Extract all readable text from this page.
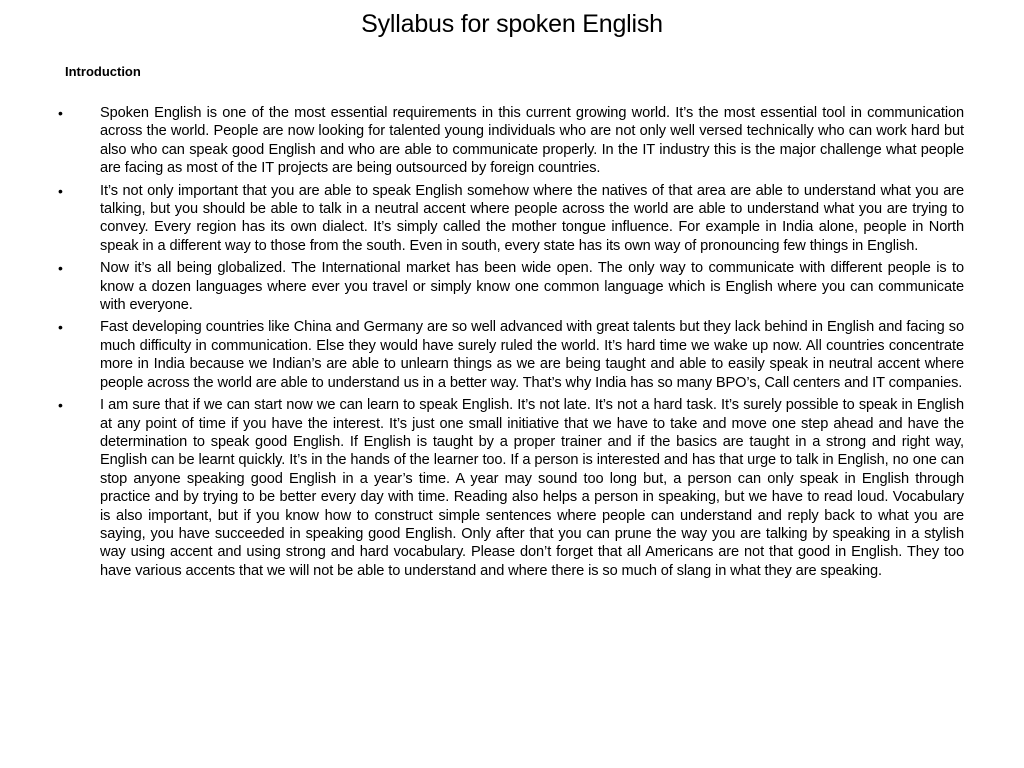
Syllabus for spoken English
Introduction
•	Spoken English is one of the most essential requirements in this current growing world. It’s the most essential tool in communication across the world. People are now looking for talented young individuals who are not only well versed technically who can work hard but also who can speak good English and who are able to communicate properly. In the IT industry this is the major challenge what people are facing as most of the IT projects are being outsourced by foreign countries.
•	It’s not only important that you are able to speak English somehow where the natives of that area are able to understand what you are talking, but you should be able to talk in a neutral accent where people across the world are able to understand what you are trying to convey. Every region has its own dialect. It’s simply called the mother tongue influence. For example in India alone, people in North speak in a different way to those from the south. Even in south, every state has its own way of pronouncing few things in English.
•	Now it’s all being globalized. The International market has been wide open. The only way to communicate with different people is to know a dozen languages where ever you travel or simply know one common language which is English where you can communicate with everyone.
•	Fast developing countries like China and Germany are so well advanced with great talents but they lack behind in English and facing so much difficulty in communication. Else they would have surely ruled the world. It’s hard time we wake up now. All countries concentrate more in India because we Indian’s are able to unlearn things as we are being taught and able to easily speak in neutral accent where people across the world are able to understand us in a better way. That’s why India has so many BPO’s, Call centers and IT companies.
•	I am sure that if we can start now we can learn to speak English. It’s not late. It’s not a hard task. It’s surely possible to speak in English at any point of time if you have the interest. It’s just one small initiative that we have to take and move one step ahead and have the determination to speak good English. If English is taught by a proper trainer and if the basics are taught in a strong and right way, English can be learnt quickly. It’s in the hands of the learner too. If a person is interested and has that urge to talk in English, no one can stop anyone speaking good English in a year’s time. A year may sound too long but, a person can only speak in English through practice and by trying to be better every day with time. Reading also helps a person in speaking, but we have to read loud. Vocabulary is also important, but if you know how to construct simple sentences where people can understand and reply back to what you are saying, you have succeeded in speaking good English. Only after that you can prune the way you are talking by speaking in a stylish way using accent and using strong and hard vocabulary. Please don’t forget that all Americans are not that good in English. They too have various accents that we will not be able to understand and where there is so much of slang in what they are speaking.
